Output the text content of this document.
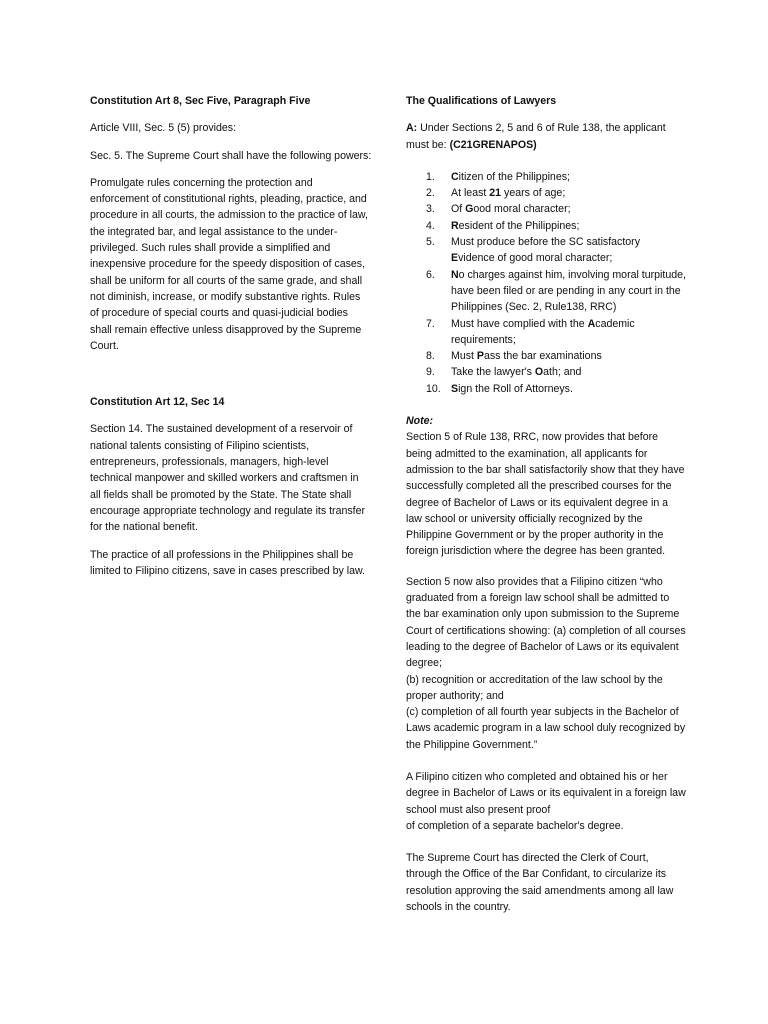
Constitution Art 8, Sec Five, Paragraph Five

Article VIII, Sec. 5 (5) provides:

Sec. 5. The Supreme Court shall have the following powers:

Promulgate rules concerning the protection and enforcement of constitutional rights, pleading, practice, and procedure in all courts, the admission to the practice of law, the integrated bar, and legal assistance to the under-privileged. Such rules shall provide a simplified and inexpensive procedure for the speedy disposition of cases, shall be uniform for all courts of the same grade, and shall not diminish, increase, or modify substantive rights. Rules of procedure of special courts and quasi-judicial bodies shall remain effective unless disapproved by the Supreme Court.

Constitution Art 12, Sec 14

Section 14. The sustained development of a reservoir of national talents consisting of Filipino scientists, entrepreneurs, professionals, managers, high-level technical manpower and skilled workers and craftsmen in all fields shall be promoted by the State. The State shall encourage appropriate technology and regulate its transfer for the national benefit.

The practice of all professions in the Philippines shall be limited to Filipino citizens, save in cases prescribed by law.

The Qualifications of Lawyers

A: Under Sections 2, 5 and 6 of Rule 138, the applicant must be: (C21GRENAPOS)

1. Citizen of the Philippines;
2. At least 21 years of age;
3. Of Good moral character;
4. Resident of the Philippines;
5. Must produce before the SC satisfactory Evidence of good moral character;
6. No charges against him, involving moral turpitude, have been filed or are pending in any court in the Philippines (Sec. 2, Rule138, RRC)
7. Must have complied with the Academic requirements;
8. Must Pass the bar examinations
9. Take the lawyer's Oath; and
10. Sign the Roll of Attorneys.

Note:

Section 5 of Rule 138, RRC, now provides that before being admitted to the examination, all applicants for admission to the bar shall satisfactorily show that they have successfully completed all the prescribed courses for the degree of Bachelor of Laws or its equivalent degree in a law school or university officially recognized by the Philippine Government or by the proper authority in the foreign jurisdiction where the degree has been granted.

Section 5 now also provides that a Filipino citizen “who graduated from a foreign law school shall be admitted to the bar examination only upon submission to the Supreme Court of certifications showing: (a) completion of all courses leading to the degree of Bachelor of Laws or its equivalent degree;

(b) recognition or accreditation of the law school by the proper authority; and

(c) completion of all fourth year subjects in the Bachelor of Laws academic program in a law school duly recognized by the Philippine Government.”

A Filipino citizen who completed and obtained his or her degree in Bachelor of Laws or its equivalent in a foreign law school must also present proof

of completion of a separate bachelor's degree.

The Supreme Court has directed the Clerk of Court, through the Office of the Bar Confidant, to circularize its resolution approving the said amendments among all law schools in the country.
